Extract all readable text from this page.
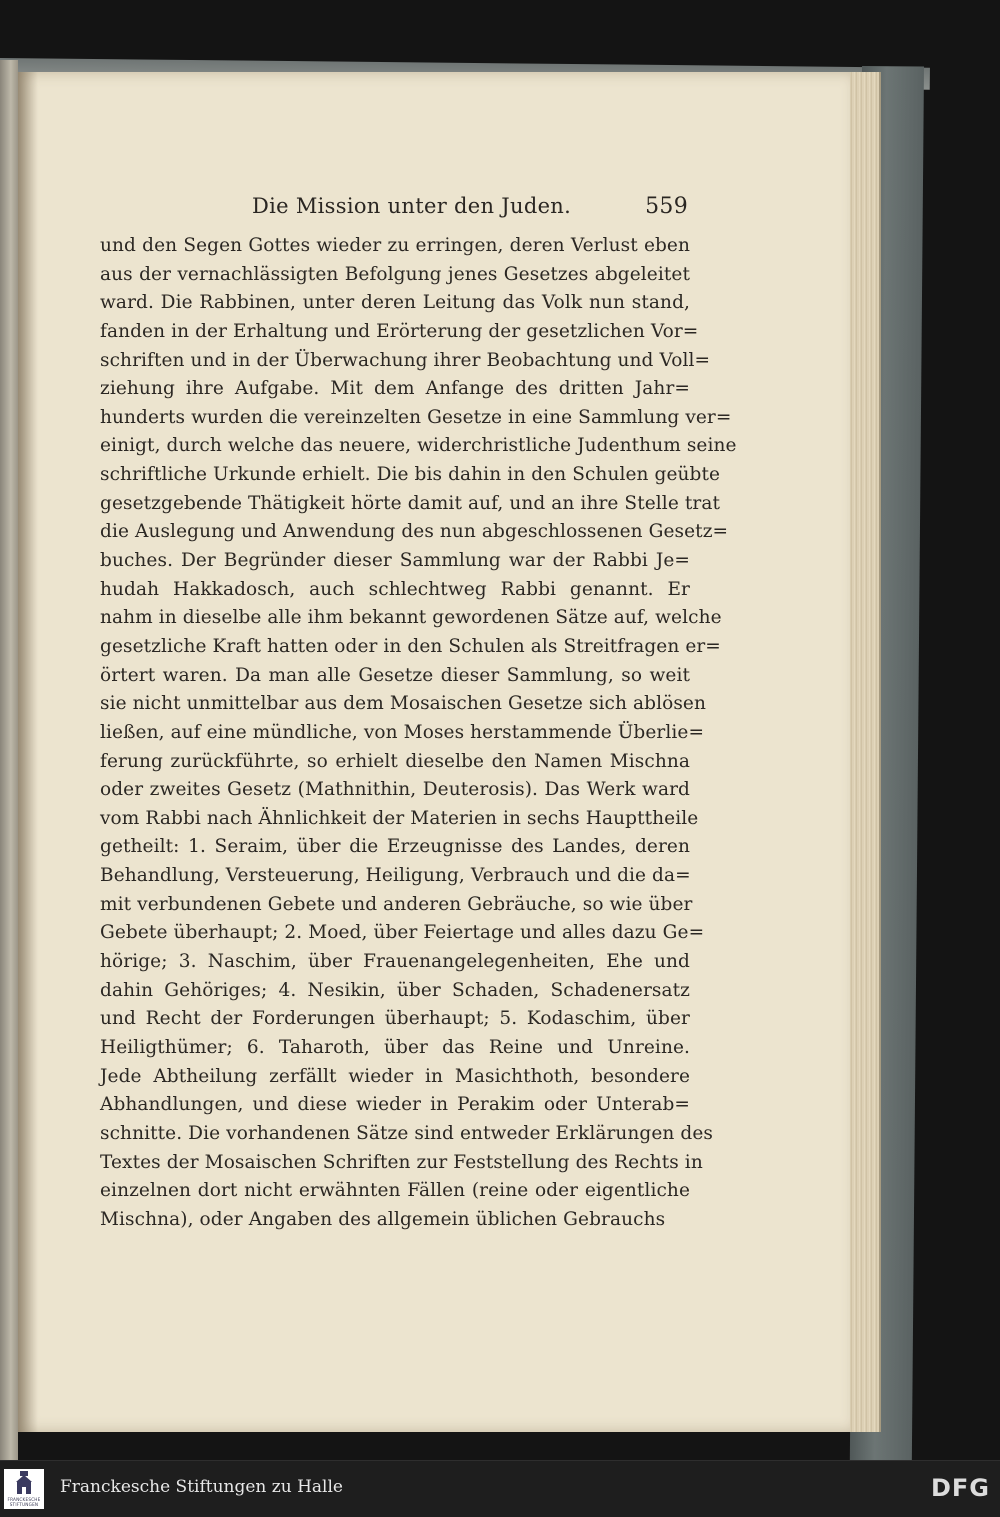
Die Mission unter den Juden.	559
und den Segen Gottes wieder zu erringen, deren Verlust eben
aus der vernachlässigten Befolgung jenes Gesetzes abgeleitet
ward. Die Rabbinen, unter deren Leitung das Volk nun stand,
fanden in der Erhaltung und Erörterung der gesetzlichen Vor=
schriften und in der Überwachung ihrer Beobachtung und Voll=
ziehung ihre Aufgabe. Mit dem Anfange des dritten Jahr=
hunderts wurden die vereinzelten Gesetze in eine Sammlung ver=
einigt, durch welche das neuere, widerchristliche Judenthum seine
schriftliche Urkunde erhielt. Die bis dahin in den Schulen geübte
gesetzgebende Thätigkeit hörte damit auf, und an ihre Stelle trat
die Auslegung und Anwendung des nun abgeschlossenen Gesetz=
buches. Der Begründer dieser Sammlung war der Rabbi Je=
hudah Hakkadosch, auch schlechtweg Rabbi genannt. Er
nahm in dieselbe alle ihm bekannt gewordenen Sätze auf, welche
gesetzliche Kraft hatten oder in den Schulen als Streitfragen er=
örtert waren. Da man alle Gesetze dieser Sammlung, so weit
sie nicht unmittelbar aus dem Mosaischen Gesetze sich ablösen
ließen, auf eine mündliche, von Moses herstammende Überlie=
ferung zurückführte, so erhielt dieselbe den Namen Mischna
oder zweites Gesetz (Mathnithin, Deuterosis). Das Werk ward
vom Rabbi nach Ähnlichkeit der Materien in sechs Haupttheile
getheilt: 1. Seraim, über die Erzeugnisse des Landes, deren
Behandlung, Versteuerung, Heiligung, Verbrauch und die da=
mit verbundenen Gebete und anderen Gebräuche, so wie über
Gebete überhaupt; 2. Moed, über Feiertage und alles dazu Ge=
hörige; 3. Naschim, über Frauenangelegenheiten, Ehe und
dahin Gehöriges; 4. Nesikin, über Schaden, Schadenersatz
und Recht der Forderungen überhaupt; 5. Kodaschim, über
Heiligthümer; 6. Taharoth, über das Reine und Unreine.
Jede Abtheilung zerfällt wieder in Masichthoth, besondere
Abhandlungen, und diese wieder in Perakim oder Unterab=
schnitte. Die vorhandenen Sätze sind entweder Erklärungen des
Textes der Mosaischen Schriften zur Feststellung des Rechts in
einzelnen dort nicht erwähnten Fällen (reine oder eigentliche
Mischna), oder Angaben des allgemein üblichen Gebrauchs
FRANCKESCHE
STIFTUNGEN
Franckesche Stiftungen zu Halle	DFG
